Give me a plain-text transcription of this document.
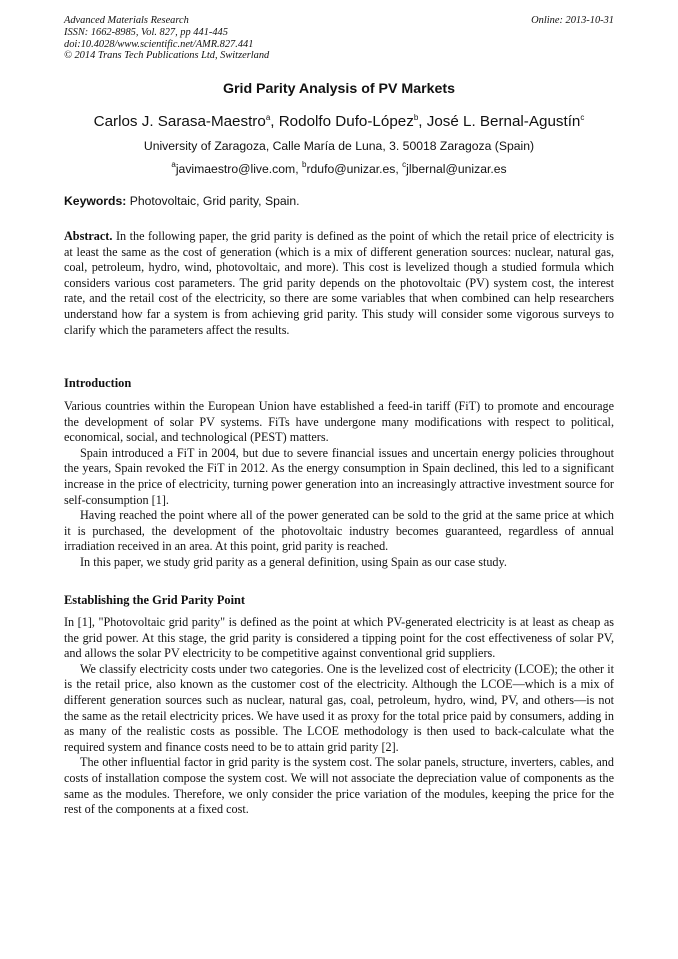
Advanced Materials Research
ISSN: 1662-8985, Vol. 827, pp 441-445
doi:10.4028/www.scientific.net/AMR.827.441
© 2014 Trans Tech Publications Ltd, Switzerland
Online: 2013-10-31
Grid Parity Analysis of PV Markets
Carlos J. Sarasa-Maestro$^a$, Rodolfo Dufo-López$^b$, José L. Bernal-Agustín$^c$
University of Zaragoza, Calle María de Luna, 3. 50018 Zaragoza (Spain)
$^a$javimaestro@live.com, $^b$rdufo@unizar.es, $^c$jlbernal@unizar.es
Keywords: Photovoltaic, Grid parity, Spain.

Abstract. In the following paper, the grid parity is defined as the point of which the retail price of electricity is at least the same as the cost of generation (which is a mix of different generation sources: nuclear, natural gas, coal, petroleum, hydro, wind, photovoltaic, and more). This cost is levelized though a studied formula which considers various cost parameters. The grid parity depends on the photovoltaic (PV) system cost, the interest rate, and the retail cost of the electricity, so there are some variables that when combined can help researchers understand how far a system is from achieving grid parity. This study will consider some vigorous surveys to clarify which the parameters affect the results.

Introduction

Various countries within the European Union have established a feed-in tariff (FiT) to promote and encourage the development of solar PV systems. FiTs have undergone many modifications with respect to political, economical, social, and technological (PEST) matters.

Spain introduced a FiT in 2004, but due to severe financial issues and uncertain energy policies throughout the years, Spain revoked the FiT in 2012. As the energy consumption in Spain declined, this led to a significant increase in the price of electricity, turning power generation into an increasingly attractive investment source for self-consumption [1].

Having reached the point where all of the power generated can be sold to the grid at the same price at which it is purchased, the development of the photovoltaic industry becomes guaranteed, regardless of annual irradiation received in an area. At this point, grid parity is reached.

In this paper, we study grid parity as a general definition, using Spain as our case study.

Establishing the Grid Parity Point

In [1], "Photovoltaic grid parity" is defined as the point at which PV-generated electricity is at least as cheap as the grid power. At this stage, the grid parity is considered a tipping point for the cost effectiveness of solar PV, and allows the solar PV electricity to be competitive against conventional grid suppliers.

We classify electricity costs under two categories. One is the levelized cost of electricity (LCOE); the other it is the retail price, also known as the customer cost of the electricity. Although the LCOE—which is a mix of different generation sources such as nuclear, natural gas, coal, petroleum, hydro, wind, PV, and others—is not the same as the retail electricity prices. We have used it as proxy for the total price paid by consumers, adding in as many of the realistic costs as possible. The LCOE methodology is then used to back-calculate what the required system and finance costs need to be to attain grid parity [2].

The other influential factor in grid parity is the system cost. The solar panels, structure, inverters, cables, and costs of installation compose the system cost. We will not associate the depreciation value of components as the same as the modules. Therefore, we only consider the price variation of the modules, keeping the price for the rest of the components at a fixed cost.
